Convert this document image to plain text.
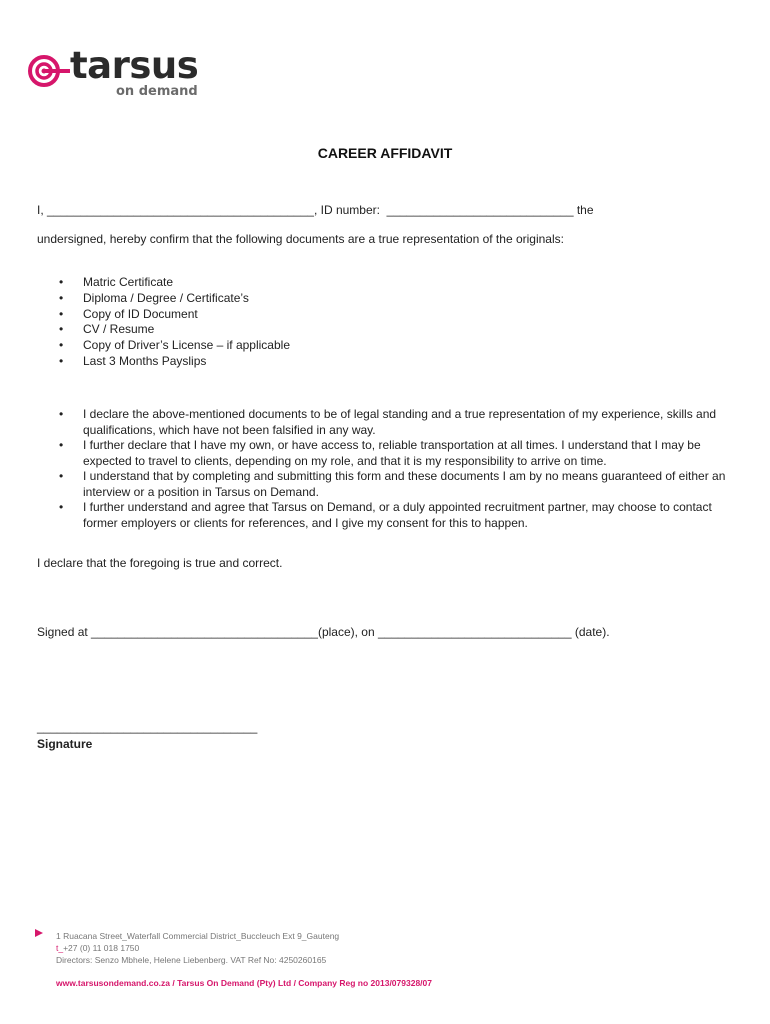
tarsus
on demand
CAREER AFFIDAVIT
I, ________________________________________, ID number:  ____________________________ the
undersigned, hereby confirm that the following documents are a true representation of the originals:
• Matric Certificate
• Diploma / Degree / Certificate’s
• Copy of ID Document
• CV / Resume
• Copy of Driver’s License – if applicable
• Last 3 Months Payslips
• I declare the above-mentioned documents to be of legal standing and a true representation of my experience, skills and qualifications, which have not been falsified in any way.
• I further declare that I have my own, or have access to, reliable transportation at all times. I understand that I may be expected to travel to clients, depending on my role, and that it is my responsibility to arrive on time.
• I understand that by completing and submitting this form and these documents I am by no means guaranteed of either an interview or a position in Tarsus on Demand.
• I further understand and agree that Tarsus on Demand, or a duly appointed recruitment partner, may choose to contact former employers or clients for references, and I give my consent for this to happen.
I declare that the foregoing is true and correct.
Signed at __________________________________(place), on _____________________________ (date).
_________________________________
Signature
1 Ruacana Street_Waterfall Commercial District_Buccleuch Ext 9_Gauteng
t_+27 (0) 11 018 1750
Directors: Senzo Mbhele, Helene Liebenberg. VAT Ref No: 4250260165
www.tarsusondemand.co.za / Tarsus On Demand (Pty) Ltd / Company Reg no 2013/079328/07
